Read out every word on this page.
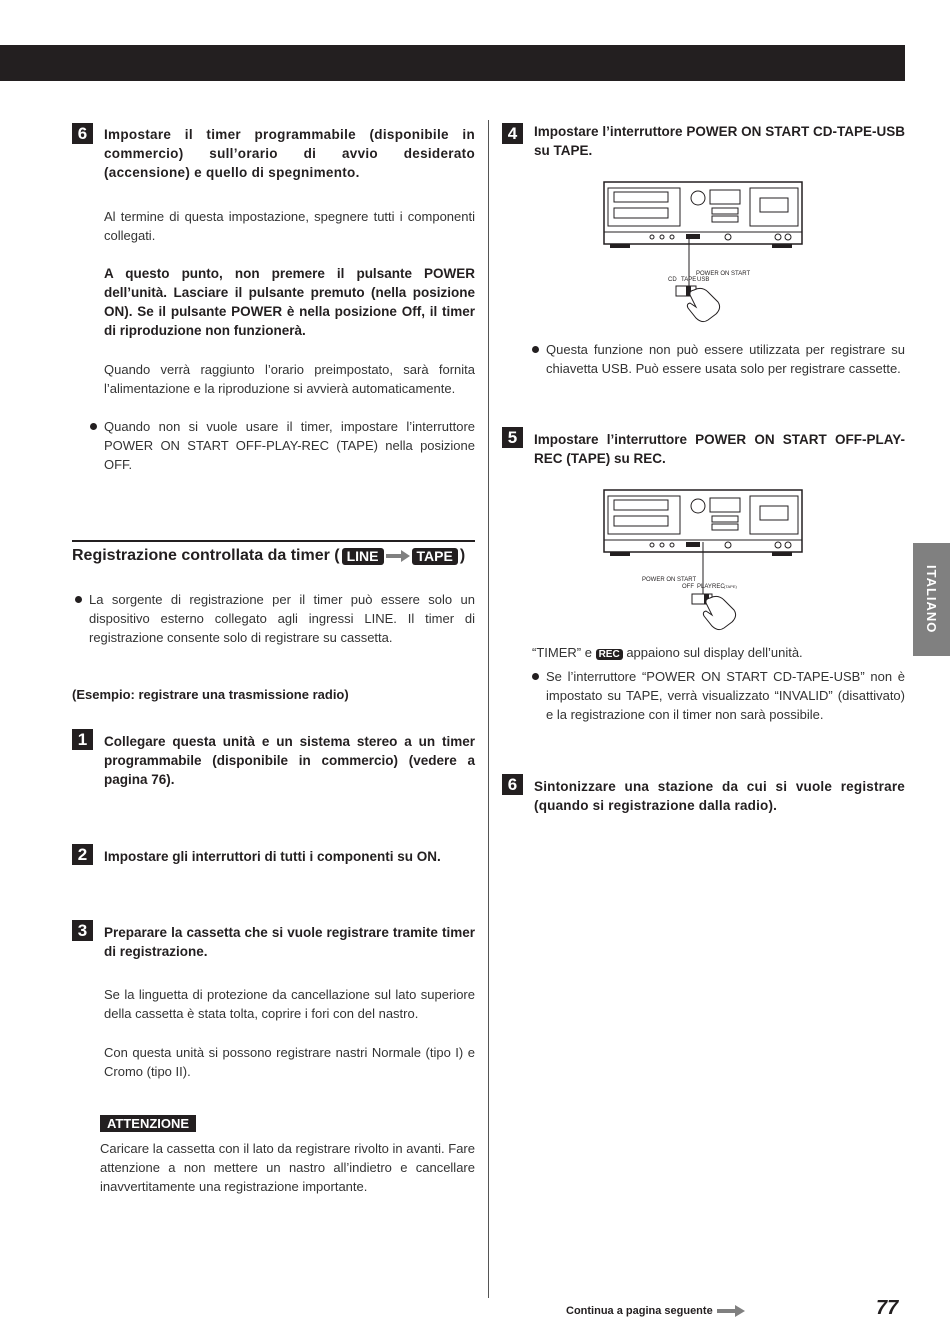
ITALIANO
6	Impostare il timer programmabile (disponibile in commercio) sull’orario di avvio desiderato (accensione) e quello di spegnimento.
Al termine di questa impostazione, spegnere tutti i componenti collegati.
A questo punto, non premere il pulsante POWER dell’unità. Lasciare il pulsante premuto (nella posizione ON). Se il pulsante POWER è nella posizione Off, il timer di riproduzione non funzionerà.
Quando verrà raggiunto l’orario preimpostato, sarà fornita l’alimentazione e la riproduzione si avvierà automaticamente.
Quando non si vuole usare il timer, impostare l’interruttore POWER ON START OFF-PLAY-REC (TAPE) nella posizione OFF.
Registrazione controllata da timer ( LINE	TAPE )
La sorgente di registrazione per il timer può essere solo un dispositivo esterno collegato agli ingressi LINE. Il timer di registrazione consente solo di registrare su cassetta.
(Esempio: registrare una trasmissione radio)
1	Collegare questa unità e un sistema stereo a un timer programmabile (disponibile in commercio) (vedere a pagina 76).
2	Impostare gli interruttori di tutti i componenti su ON.
3	Preparare la cassetta che si vuole registrare tramite timer di registrazione.
Se la linguetta di protezione da cancellazione sul lato superiore della cassetta è stata tolta, coprire i fori con del nastro.
Con questa unità si possono registrare nastri Normale (tipo I) e Cromo (tipo II).
ATTENZIONE
Caricare la cassetta con il lato da registrare rivolto in avanti. Fare attenzione a non mettere un nastro all’indietro e cancellare inavvertitamente una registrazione importante.
4	Impostare l’interruttore POWER ON START CD-TAPE-USB su TAPE.
POWER ON START
CD TAPE USB
Questa funzione non può essere utilizzata per registrare su chiavetta USB. Può essere usata solo per registrare cassette.
5	Impostare l’interruttore POWER ON START OFF-PLAY-REC (TAPE) su REC.
POWER ON START
OFF PLAY REC (TAPE)
“TIMER” e REC appaiono sul display dell’unità.
Se l’interruttore “POWER ON START CD-TAPE-USB” non è impostato su TAPE, verrà visualizzato “INVALID” (disattivato) e la registrazione con il timer non sarà possibile.
6	Sintonizzare una stazione da cui si vuole registrare (quando si registrazione dalla radio).
Continua a pagina seguente	77
